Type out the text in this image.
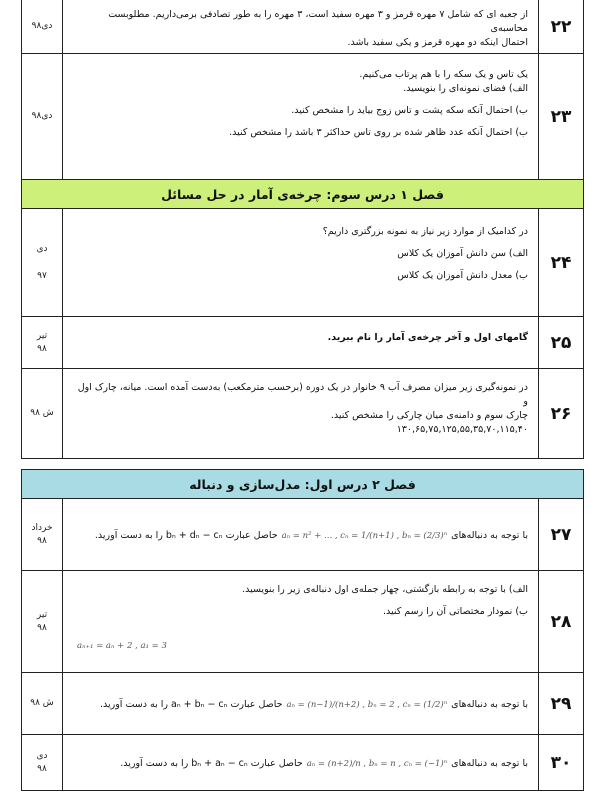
۲۲

از جعبه ای که شامل ۷ مهره قرمز و ۳ مهره سفید است، ۳ مهره را به طور تصادفی برمی‌داریم. مطلوبست محاسبه‌ی

احتمال اینکه دو مهره قرمز و یکی سفید باشد.

دی۹۸
۲۳

یک تاس و یک سکه را با هم پرتاب می‌کنیم.

الف) فضای نمونه‌ای را بنویسید.

ب) احتمال آنکه سکه پشت و تاس زوج بیاید را مشخص کنید.

ب) احتمال آنکه عدد ظاهر شده بر روی تاس حداکثر ۳ باشد را مشخص کنید.

دی۹۸
فصل ۱ درس سوم: چرخه‌ی آمار در حل مسائل
۲۴

در کدامیک از موارد زیر نیاز به نمونه بزرگتری داریم؟

الف) سن دانش آموزان یک کلاس

ب) معدل دانش آموزان یک کلاس

دی
۹۷
۲۵

گامهای اول و آخر چرخه‌ی آمار را نام ببرید.

تیر
۹۸
۲۶

در نمونه‌گیری زیر میزان مصرف آب ۹ خانوار در یک دوره (برحسب مترمکعب) به‌دست آمده است. میانه، چارک اول و

چارک سوم و دامنه‌ی میان چارکی را مشخص کنید.

۱۳۰,۶۵,۷۵,۱۲۵,۵۵,۳۵,۷۰,۱۱۵,۴۰

ش ۹۸
فصل ۲ درس اول: مدل‌سازی و دنباله
۲۷
با توجه به دنباله‌های
aₙ = n² + ... , cₙ = 1/(n+1) , bₙ = (2/3)ⁿ
حاصل عبارت bₙ + dₙ − cₙ را به دست آورید.
خرداد
۹۸
۲۸

الف) با توجه به رابطه بازگشتی، چهار جمله‌ی اول دنباله‌ی زیر را بنویسید.

ب) نمودار مختصاتی آن را رسم کنید.

aₙ₊₁ = aₙ + 2 , a₁ = 3

تیر
۹۸
۲۹
با توجه به دنباله‌های
aₙ = (n−1)/(n+2) , bₙ = 2 , cₙ = (1/2)ⁿ
حاصل عبارت aₙ + bₙ − cₙ را به دست آورید.
ش ۹۸
۳۰
با توجه به دنباله‌های
aₙ = (n+2)/n , bₙ = n , cₙ = (−1)ⁿ
حاصل عبارت bₙ + aₙ − cₙ را به دست آورید.
دی
۹۸
